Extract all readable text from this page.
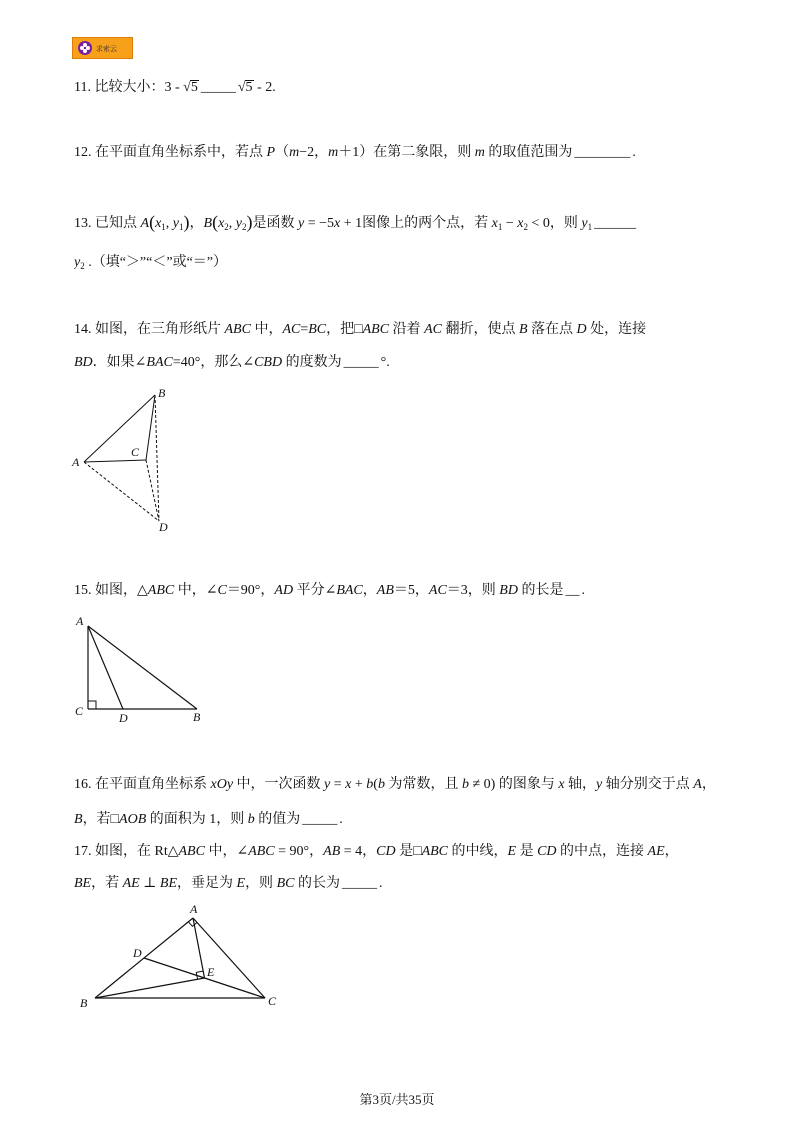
求索云
11. 比较大小：3 - √5 _____ √5 - 2.
12. 在平面直角坐标系中，若点 P（m−2，m＋1）在第二象限，则 m 的取值范围为 ________ .
13. 已知点 $A(x_1$, $y_1$)，$B(x_2$, $y_2$)是函数 y = −5x + 1图像上的两个点，若 $x_1 - x_2 < 0$，则 $y_1$ ______
$y_2$ .（填“＞”“＜”或“＝”）
14. 如图，在三角形纸片 ABC 中，AC=BC，把□ABC 沿着 AC 翻折，使点 B 落在点 D 处，连接
BD．如果∠BAC=40°，那么∠CBD 的度数为 _____ °.
A
B
C
D
15. 如图，△ABC 中，∠C＝90°，AD 平分∠BAC，AB＝5，AC＝3，则 BD 的长是 __ .
A
C	D	B
16. 在平面直角坐标系 xOy 中，一次函数 y = x + b(b 为常数，且 b ≠ 0) 的图象与 x 轴，y 轴分别交于点 A，
B，若□AOB 的面积为 1，则 b 的值为 _____ .
17. 如图，在 Rt△ABC 中，∠ABC = 90°，AB = 4，CD 是□ABC 的中线，E 是 CD 的中点，连接 AE，
BE，若 AE ⊥ BE，垂足为 E，则 BC 的长为 _____ .
A
D
E
B	C
第3页/共35页
